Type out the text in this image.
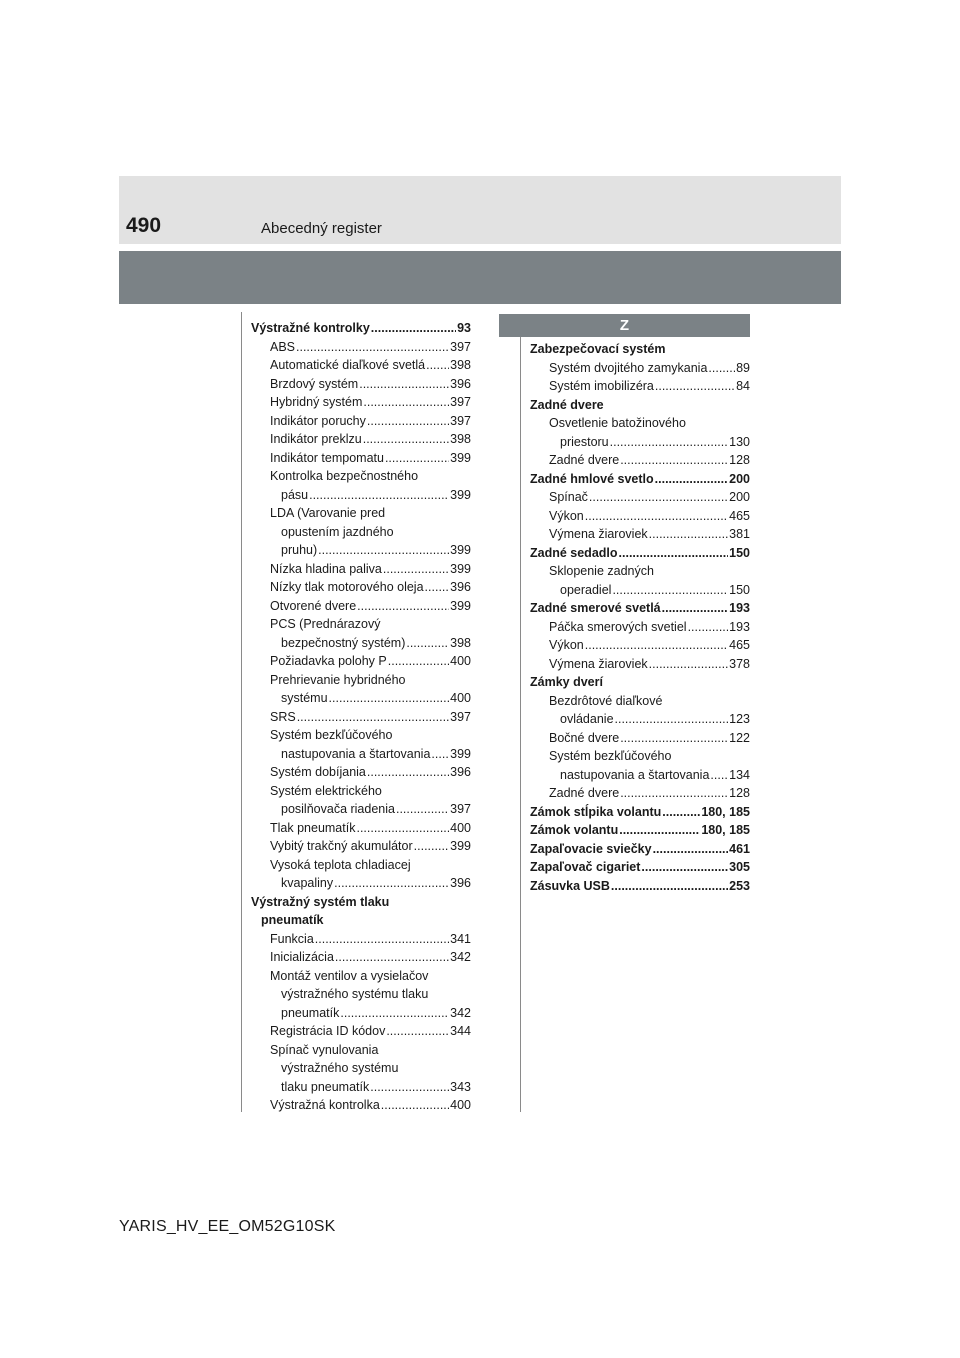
490	Abecedný register
Výstražné kontrolky .....	93
ABS .....	397
Automatické diaľkové svetlá ..... 398
Brzdový systém .....	396
Hybridný systém .....	397
Indikátor poruchy .....	397
Indikátor preklzu .....	398
Indikátor tempomatu .....	399
Kontrolka bezpečnostného
pásu .....	399
LDA (Varovanie pred
opustením jazdného
pruhu) .....	399
Nízka hladina paliva .....	399
Nízky tlak motorového oleja ..... 396
Otvorené dvere .....	399
PCS (Prednárazový
bezpečnostný systém) .....	398
Požiadavka polohy P .....	400
Prehrievanie hybridného
systému .....	400
SRS .....	397
Systém bezkľúčového
nastupovania a štartovania ..... 399
Systém dobíjania .....	396
Systém elektrického
posilňovača riadenia .....	397
Tlak pneumatík .....	400
Vybitý trakčný akumulátor .....	399
Vysoká teplota chladiacej
kvapaliny .....	396
Výstražný systém tlaku
pneumatík
Funkcia .....	341
Inicializácia .....	342
Montáž ventilov a vysielačov
výstražného systému tlaku
pneumatík .....	342
Registrácia ID kódov .....	344
Spínač vynulovania
výstražného systému
tlaku pneumatík .....	343
Výstražná kontrolka .....	400
Z
Zabezpečovací systém
Systém dvojitého zamykania ..... 89
Systém imobilizéra .....	84
Zadné dvere
Osvetlenie batožinového
priestoru .....	130
Zadné dvere .....	128
Zadné hmlové svetlo .....	200
Spínač .....	200
Výkon .....	465
Výmena žiaroviek .....	381
Zadné sedadlo .....	150
Sklopenie zadných
operadiel .....	150
Zadné smerové svetlá .....	193
Páčka smerových svetiel .....	193
Výkon .....	465
Výmena žiaroviek .....	378
Zámky dverí
Bezdrôtové diaľkové
ovládanie .....	123
Bočné dvere .....	122
Systém bezkľúčového
nastupovania a štartovania ..... 134
Zadné dvere .....	128
Zámok stĺpika volantu .....	180, 185
Zámok volantu .....	180, 185
Zapaľovacie sviečky .....	461
Zapaľovač cigariet .....	305
Zásuvka USB .....	253
YARIS_HV_EE_OM52G10SK
